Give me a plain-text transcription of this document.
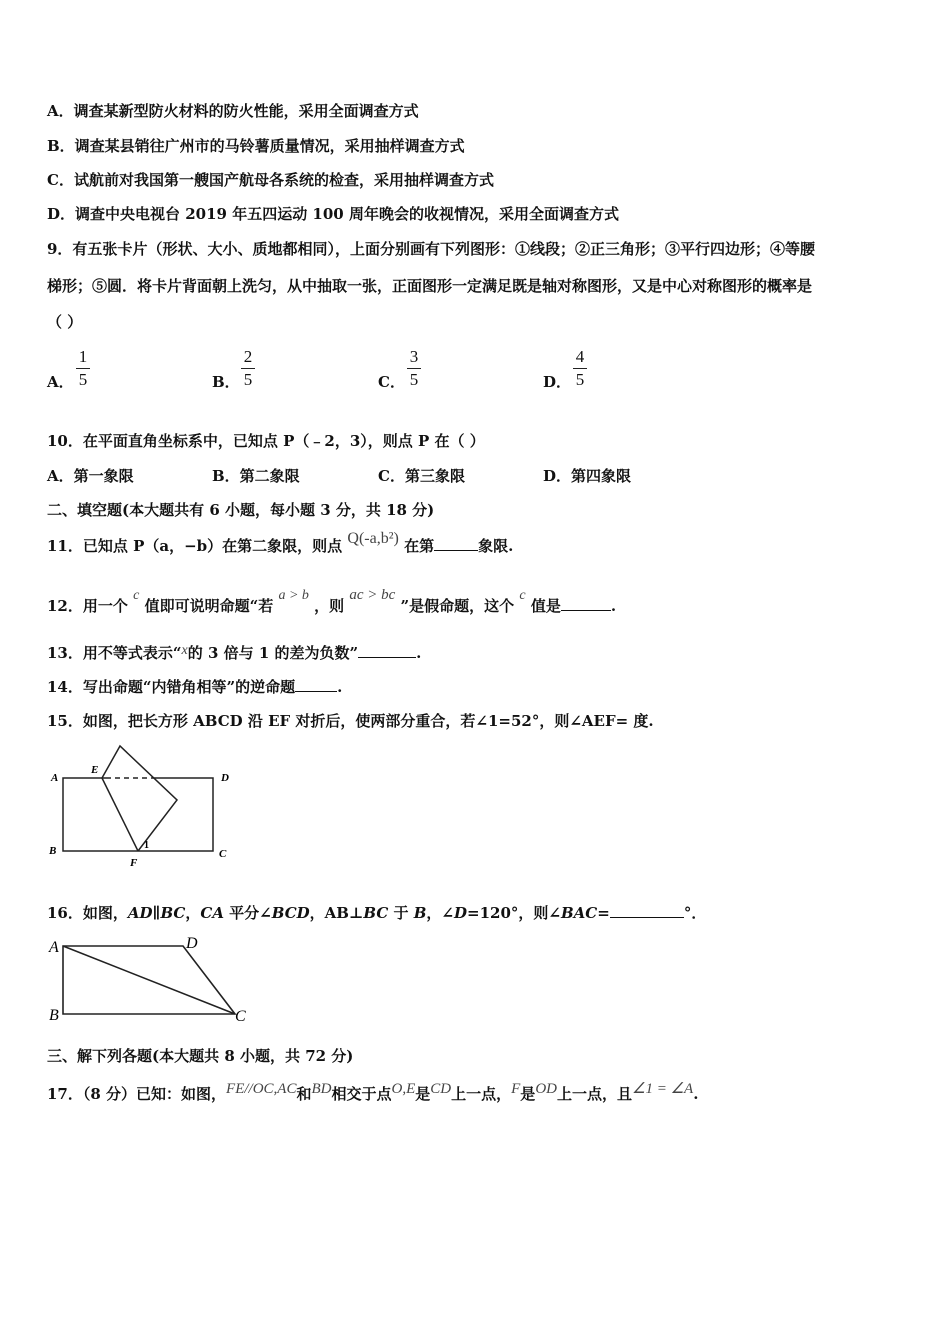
A．调查某新型防火材料的防火性能，采用全面调查方式
B．调查某县销往广州市的马铃薯质量情况，采用抽样调查方式
C．试航前对我国第一艘国产航母各系统的检查，采用抽样调查方式
D．调查中央电视台 2019 年五四运动 100 周年晚会的收视情况，采用全面调查方式
9．有五张卡片（形状、大小、质地都相同），上面分别画有下列图形：①线段；②正三角形；③平行四边形；④等腰
梯形；⑤圆．将卡片背面朝上洗匀，从中抽取一张，正面图形一定满足既是轴对称图形，又是中心对称图形的概率是
（ ）
A．
1
5	B．
2
5	C．
3
5	D．
4
5
10．在平面直角坐标系中，已知点 P（﹣2，3），则点 P 在（ ）
A．第一象限	B．第二象限	C．第三象限	D．第四象限
二、填空题(本大题共有 6 小题，每小题 3 分，共 18 分)
11．已知点 P（a，−b）在第二象限，则点 Q(-a,b²) 在第	象限.
12．用一个 c 值即可说明命题“若 a > b ，则 ac > bc ”是假命题，这个 c 值是	.
13．用不等式表示“x的 3 倍与 1 的差为负数”	.
14．写出命题“内错角相等”的逆命题	.
15．如图，把长方形 ABCD 沿 EF 对折后，使两部分重合，若∠1=52°，则∠AEF= 度.
A
E
D
B
F
C
1
16．如图，AD∥BC，CA 平分∠BCD，AB⊥BC 于 B，∠D=120°，则∠BAC=	°．
A	D
B	C
三、解下列各题(本大题共 8 小题，共 72 分)
17．（8 分）已知：如图，FE//OC,AC和BD相交于点O,E是CD上一点，F是OD上一点，且∠1 = ∠A.
